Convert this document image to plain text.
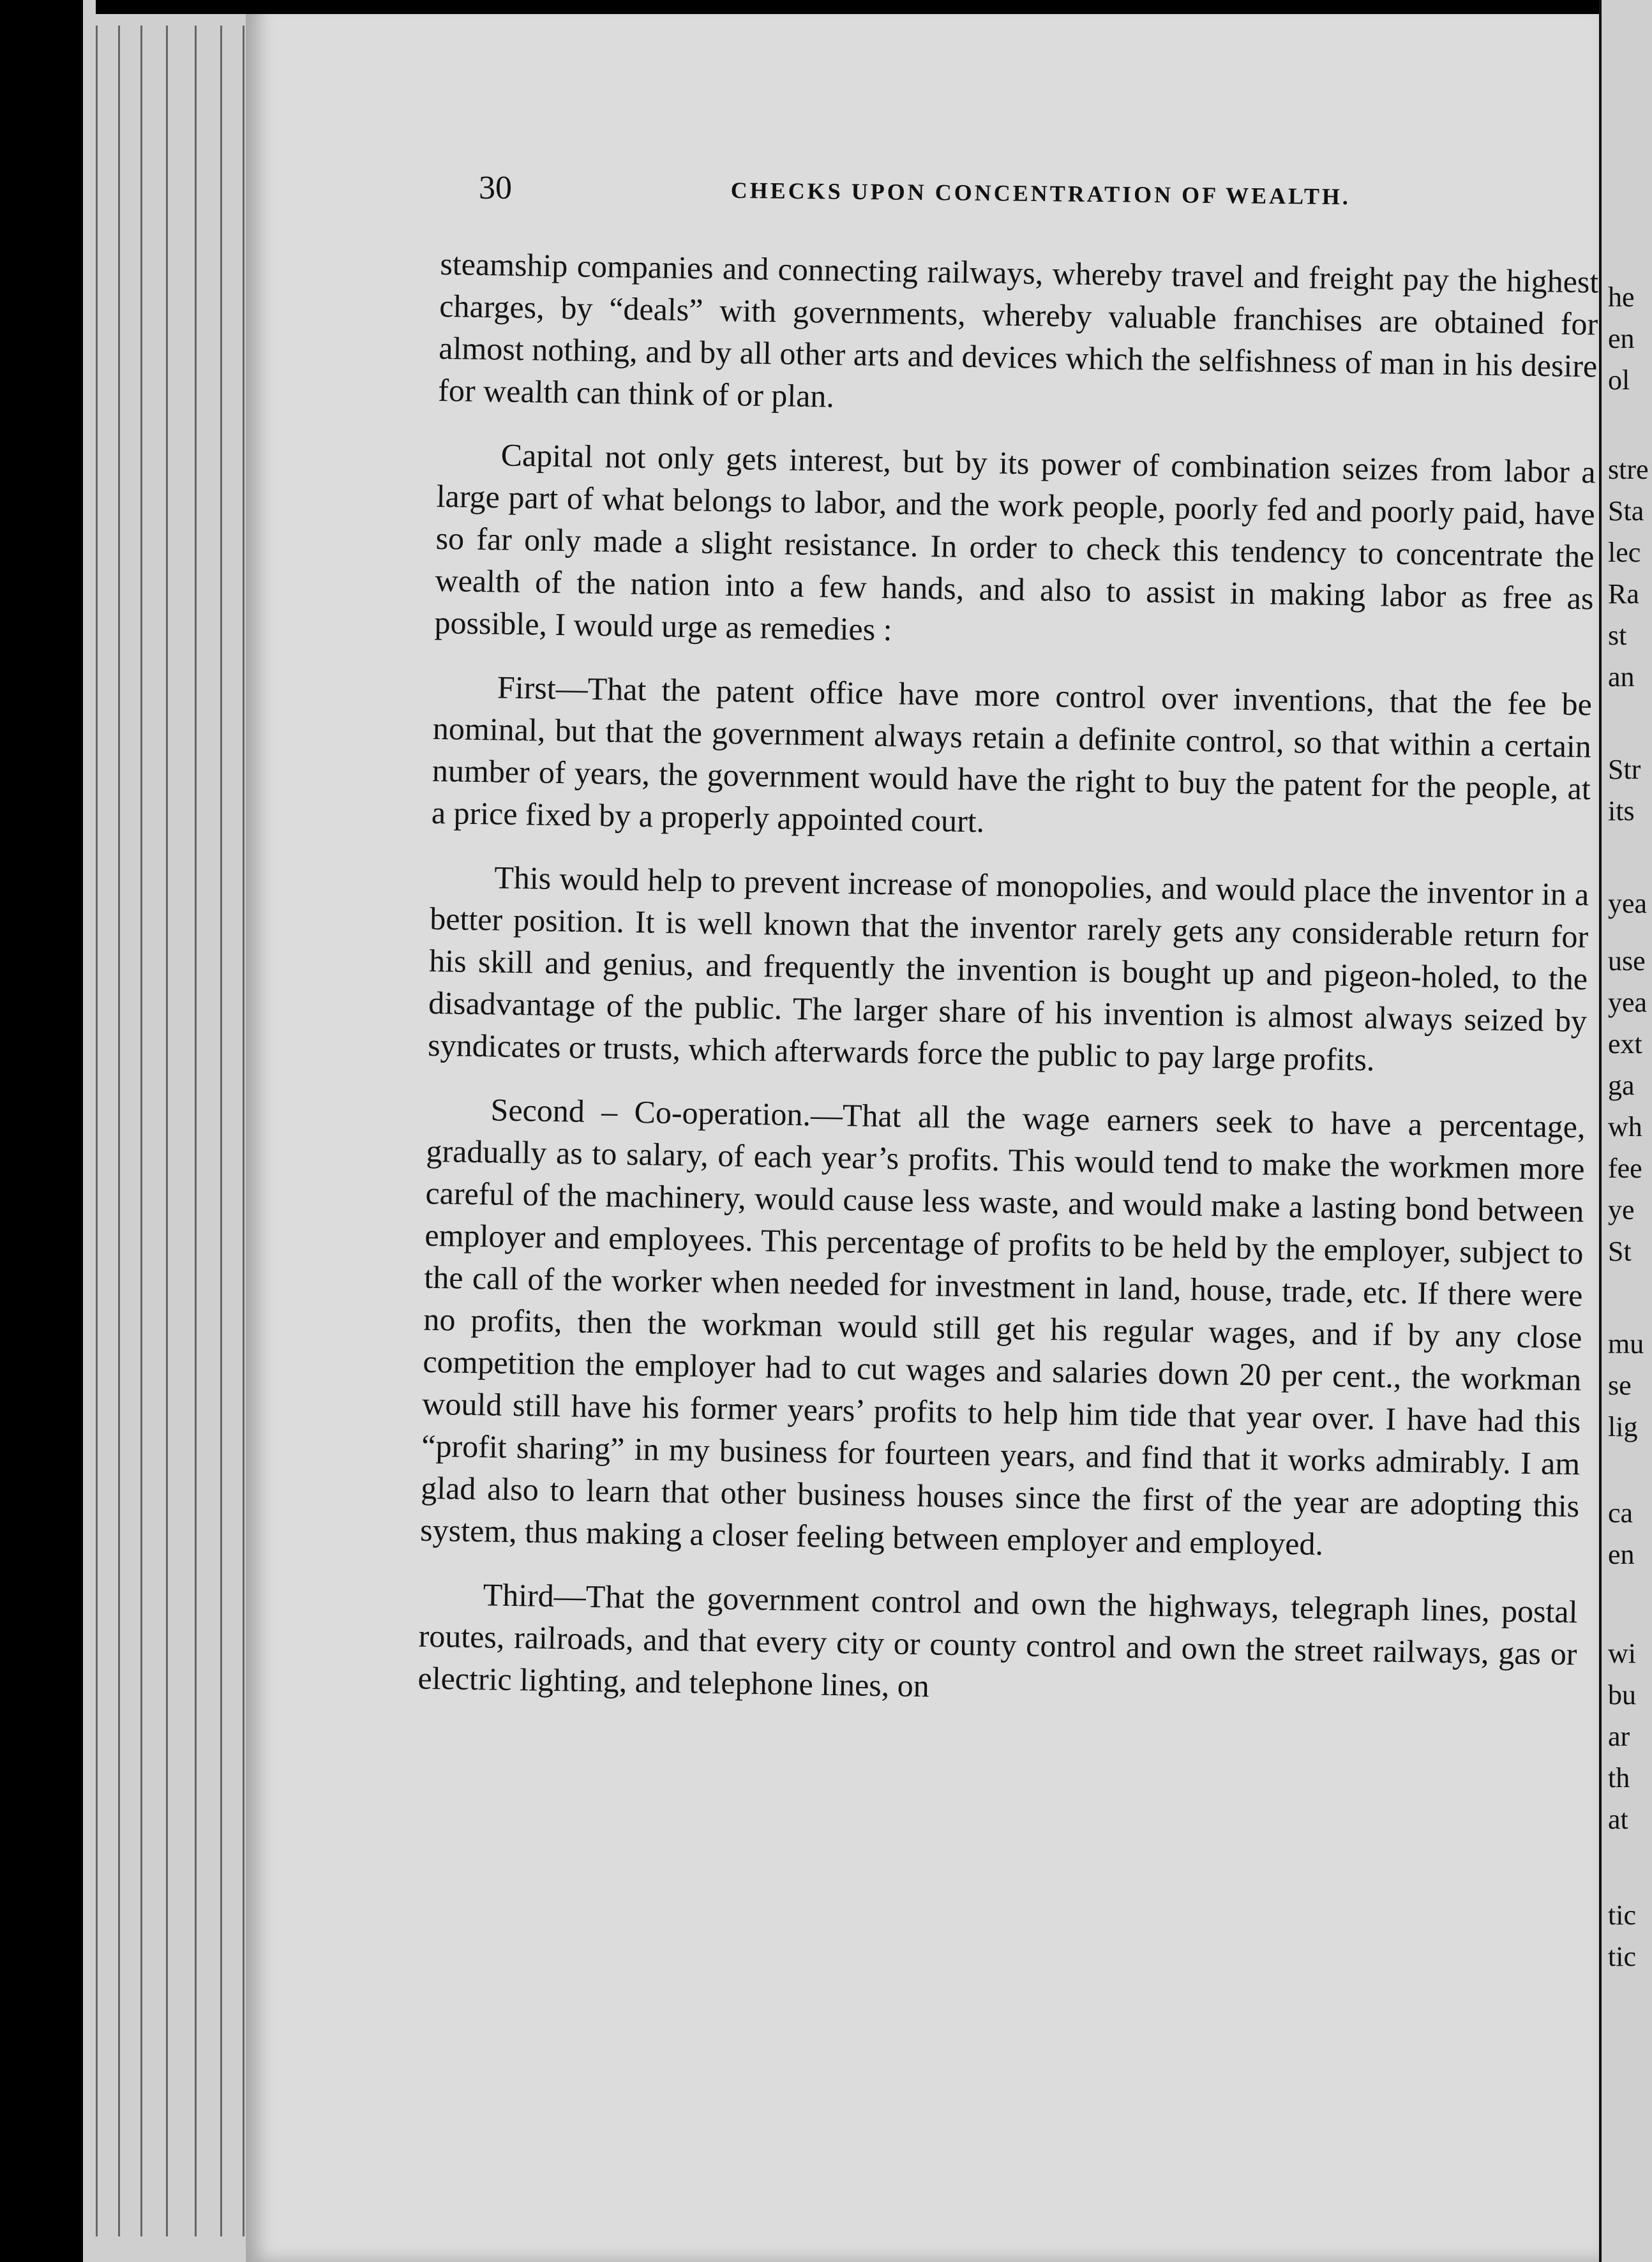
30	CHECKS UPON CONCENTRATION OF WEALTH.

steamship companies and connecting railways, whereby travel and freight pay the highest charges, by “deals” with governments, whereby valuable franchises are obtained for almost nothing, and by all other arts and devices which the selfishness of man in his desire for wealth can think of or plan.

Capital not only gets interest, but by its power of combination seizes from labor a large part of what belongs to labor, and the work people, poorly fed and poorly paid, have so far only made a slight resistance. In order to check this tendency to concentrate the wealth of the nation into a few hands, and also to assist in making labor as free as possible, I would urge as remedies :

First—That the patent office have more control over inventions, that the fee be nominal, but that the government always retain a definite control, so that within a certain number of years, the government would have the right to buy the patent for the people, at a price fixed by a properly appointed court.

This would help to prevent increase of monopolies, and would place the inventor in a better position. It is well known that the inventor rarely gets any considerable return for his skill and genius, and frequently the invention is bought up and pigeon-holed, to the disadvantage of the public. The larger share of his invention is almost always seized by syndicates or trusts, which afterwards force the public to pay large profits.

Second – Co-operation.—That all the wage earners seek to have a percentage, gradually as to salary, of each year’s profits. This would tend to make the workmen more careful of the machinery, would cause less waste, and would make a lasting bond between employer and employees. This percentage of profits to be held by the employer, subject to the call of the worker when needed for investment in land, house, trade, etc. If there were no profits, then the workman would still get his regular wages, and if by any close competition the employer had to cut wages and salaries down 20 per cent., the workman would still have his former years’ profits to help him tide that year over. I have had this “profit sharing” in my business for fourteen years, and find that it works admirably. I am glad also to learn that other business houses since the first of the year are adopting this system, thus making a closer feeling between employer and employed.

Third—That the government control and own the highways, telegraph lines, postal routes, railroads, and that every city or county control and own the street railways, gas or electric lighting, and telephone lines, on

he
en
ol
stre
Sta
lec
Ra
st
an
Str
its
yea
use
yea
ext
ga
wh
fee
ye
St
mu
se
lig
ca
en
wi
bu
ar
th
at
tic
tic
